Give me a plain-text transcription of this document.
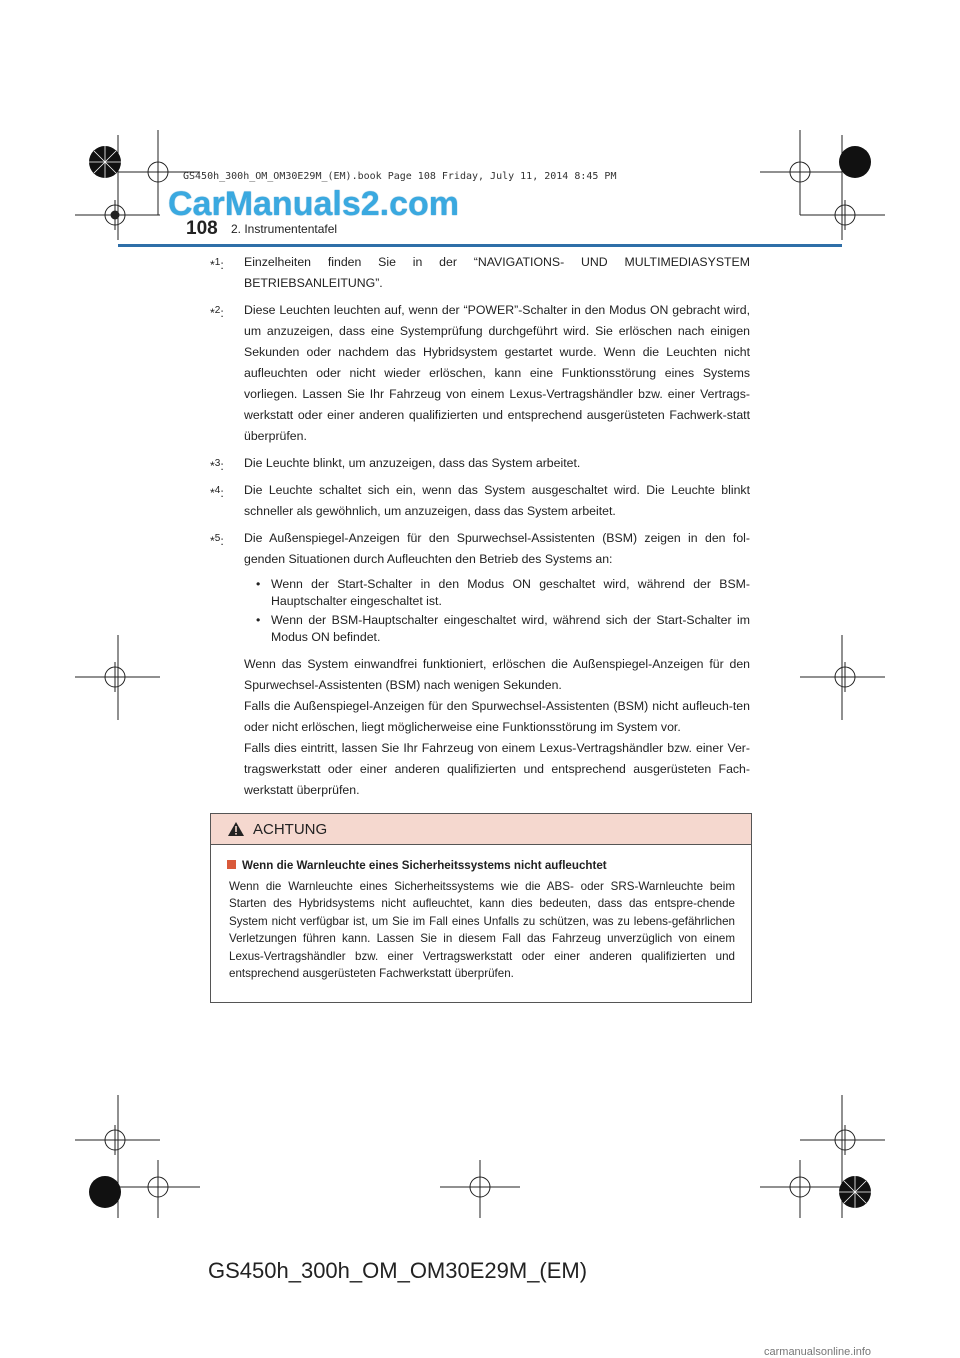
GS450h_300h_OM_OM30E29M_(EM).book Page 108 Friday, July 11, 2014 8:45 PM
CarManuals2.com
108 2. Instrumententafel
*$^1$: Einzelheiten finden Sie in der “NAVIGATIONS- UND MULTIMEDIASYSTEM BETRIEBSANLEITUNG”.
*$^2$: Diese Leuchten leuchten auf, wenn der “POWER”-Schalter in den Modus ON gebracht wird, um anzuzeigen, dass eine Systemprüfung durchgeführt wird. Sie erlöschen nach einigen Sekunden oder nachdem das Hybridsystem gestartet wurde. Wenn die Leuchten nicht aufleuchten oder nicht wieder erlöschen, kann eine Funktionsstörung eines Systems vorliegen. Lassen Sie Ihr Fahrzeug von einem Lexus-Vertragshändler bzw. einer Vertrags-werkstatt oder einer anderen qualifizierten und entsprechend ausgerüsteten Fachwerk-statt überprüfen.
*$^3$: Die Leuchte blinkt, um anzuzeigen, dass das System arbeitet.
*$^4$: Die Leuchte schaltet sich ein, wenn das System ausgeschaltet wird. Die Leuchte blinkt schneller als gewöhnlich, um anzuzeigen, dass das System arbeitet.
*$^5$: Die Außenspiegel-Anzeigen für den Spurwechsel-Assistenten (BSM) zeigen in den fol-genden Situationen durch Aufleuchten den Betrieb des Systems an:
• Wenn der Start-Schalter in den Modus ON geschaltet wird, während der BSM-Hauptschalter eingeschaltet ist.
• Wenn der BSM-Hauptschalter eingeschaltet wird, während sich der Start-Schalter im Modus ON befindet.
Wenn das System einwandfrei funktioniert, erlöschen die Außenspiegel-Anzeigen für den Spurwechsel-Assistenten (BSM) nach wenigen Sekunden.
Falls die Außenspiegel-Anzeigen für den Spurwechsel-Assistenten (BSM) nicht aufleuch-ten oder nicht erlöschen, liegt möglicherweise eine Funktionsstörung im System vor.
Falls dies eintritt, lassen Sie Ihr Fahrzeug von einem Lexus-Vertragshändler bzw. einer Ver-tragswerkstatt oder einer anderen qualifizierten und entsprechend ausgerüsteten Fach-werkstatt überprüfen.
ACHTUNG
Wenn die Warnleuchte eines Sicherheitssystems nicht aufleuchtet
Wenn die Warnleuchte eines Sicherheitssystems wie die ABS- oder SRS-Warnleuchte beim Starten des Hybridsystems nicht aufleuchtet, kann dies bedeuten, dass das entspre-chende System nicht verfügbar ist, um Sie im Fall eines Unfalls zu schützen, was zu lebens-gefährlichen Verletzungen führen kann. Lassen Sie in diesem Fall das Fahrzeug unverzüglich von einem Lexus-Vertragshändler bzw. einer Vertragswerkstatt oder einer anderen qualifizierten und entsprechend ausgerüsteten Fachwerkstatt überprüfen.
GS450h_300h_OM_OM30E29M_(EM)
carmanualsonline.info
